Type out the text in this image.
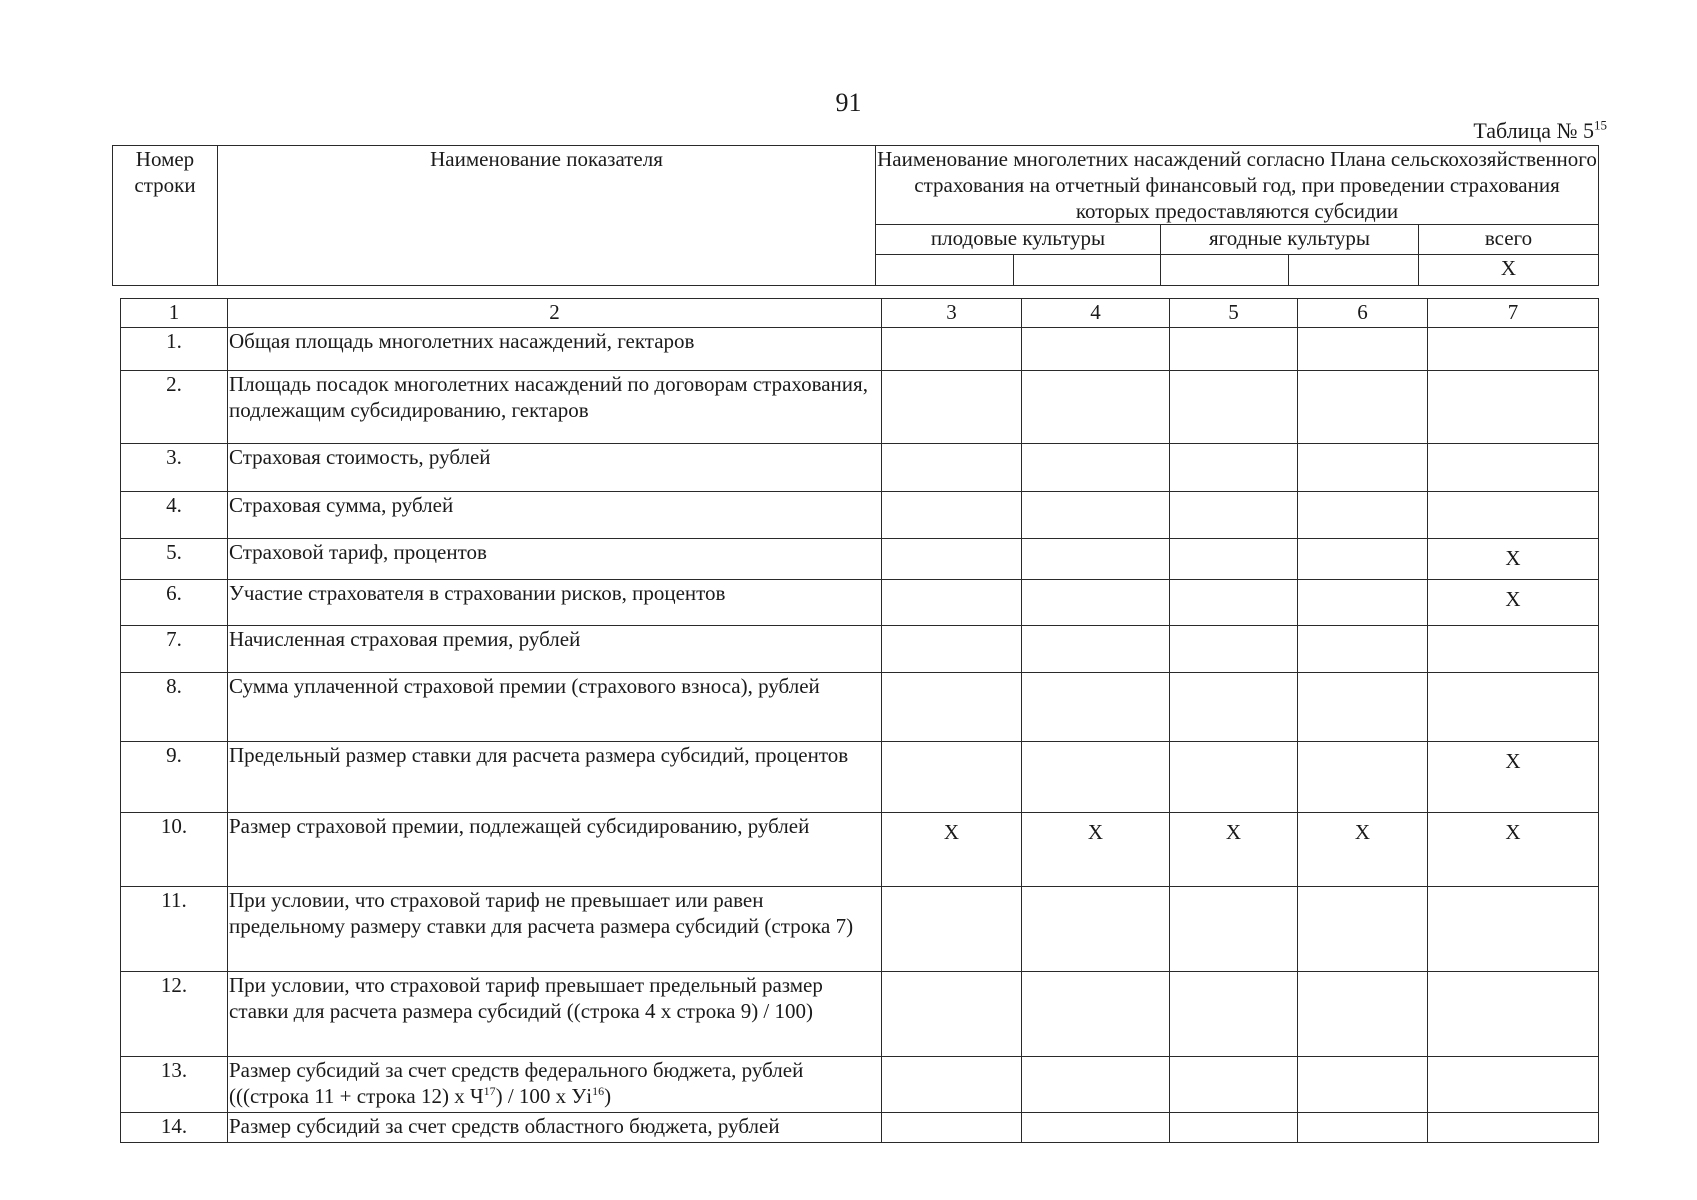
91
Таблица № $5^{15}$
Номер строки	Наименование показателя	Наименование многолетних насаждений согласно Плана сельскохозяйственного страхования на отчетный финансовый год, при проведении страхования которых предоставляются субсидии				
		плодовые культуры		ягодные культуры		всего
						X
1	2	3	4	5	6	7
1.	Общая площадь многолетних насаждений, гектаров	

2.	Площадь посадок многолетних насаждений по договорам страхования, подлежащим субсидированию, гектаров	

3.	Страховая стоимость, рублей	

4.	Страховая сумма, рублей	

5.	Страховой тариф, процентов					X

6.	Участие страхователя в страховании рисков, процентов					X

7.	Начисленная страховая премия, рублей	

8.	Сумма уплаченной страховой премии (страхового взноса), рублей	

9.	Предельный размер ставки для расчета размера субсидий, процентов					X

10.	Размер страховой премии, подлежащей субсидированию, рублей	X	X	X	X	X

11.	При условии, что страховой тариф не превышает или равен предельному размеру ставки для расчета размера субсидий (строка 7)	

12.	При условии, что страховой тариф превышает предельный размер ставки для расчета размера субсидий ((строка 4 x строка 9) / 100)	

13.	Размер субсидий за счет средств федерального бюджета, рублей (((строка 11 + строка 12) x $Ч^{17}) / 100$ x $Уi^{16}$)	

14.	Размер субсидий за счет средств областного бюджета, рублей	
